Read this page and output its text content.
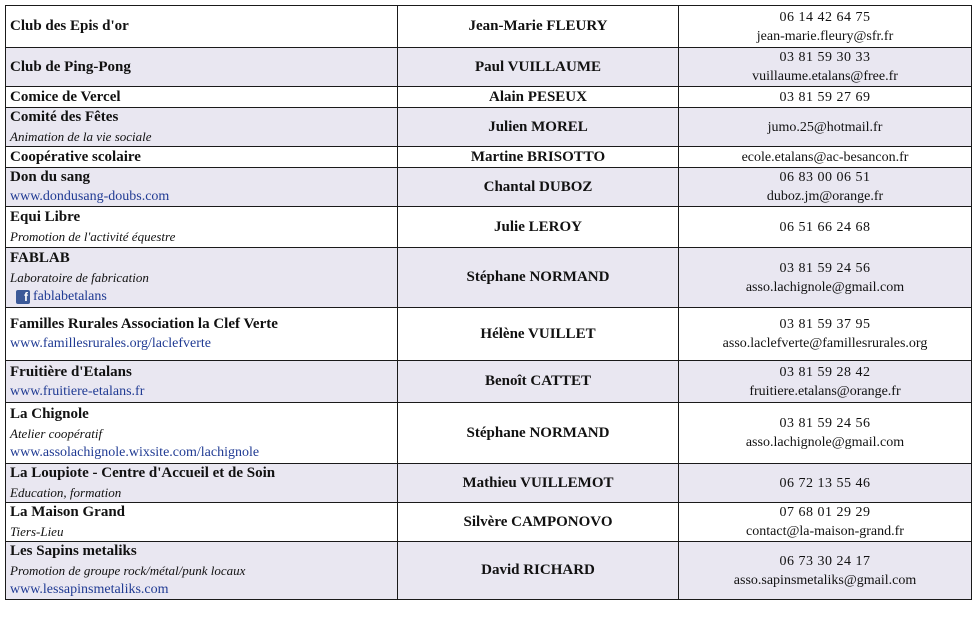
Club des Epis d'or	Jean-Marie FLEURY	06 14 42 64 75
jean-marie.fleury@sfr.fr

Club de Ping-Pong	Paul VUILLAUME	03 81 59 30 33
vuillaume.etalans@free.fr

Comice de Vercel	Alain PESEUX	03 81 59 27 69

Comité des Fêtes
Animation de la vie sociale	Julien MOREL	jumo.25@hotmail.fr

Coopérative scolaire	Martine BRISOTTO	ecole.etalans@ac-besancon.fr

Don du sang
www.dondusang-doubs.com	Chantal DUBOZ	06 83 00 06 51
duboz.jm@orange.fr

Equi Libre
Promotion de l'activité équestre	Julie LEROY	06 51 66 24 68

FABLAB
Laboratoire de fabrication
f fablabetalans	Stéphane NORMAND	03 81 59 24 56
asso.lachignole@gmail.com

Familles Rurales Association la Clef Verte
www.famillesrurales.org/laclefverte	Hélène VUILLET	03 81 59 37 95
asso.laclefverte@famillesrurales.org

Fruitière d'Etalans
www.fruitiere-etalans.fr	Benoît CATTET	03 81 59 28 42
fruitiere.etalans@orange.fr

La Chignole
Atelier coopératif
www.assolachignole.wixsite.com/lachignole	Stéphane NORMAND	03 81 59 24 56
asso.lachignole@gmail.com

La Loupiote - Centre d'Accueil et de Soin
Education, formation	Mathieu VUILLEMOT	06 72 13 55 46

La Maison Grand
Tiers-Lieu	Silvère CAMPONOVO	07 68 01 29 29
contact@la-maison-grand.fr

Les Sapins metaliks
Promotion de groupe rock/métal/punk locaux
www.lessapinsmetaliks.com	David RICHARD	06 73 30 24 17
asso.sapinsmetaliks@gmail.com
